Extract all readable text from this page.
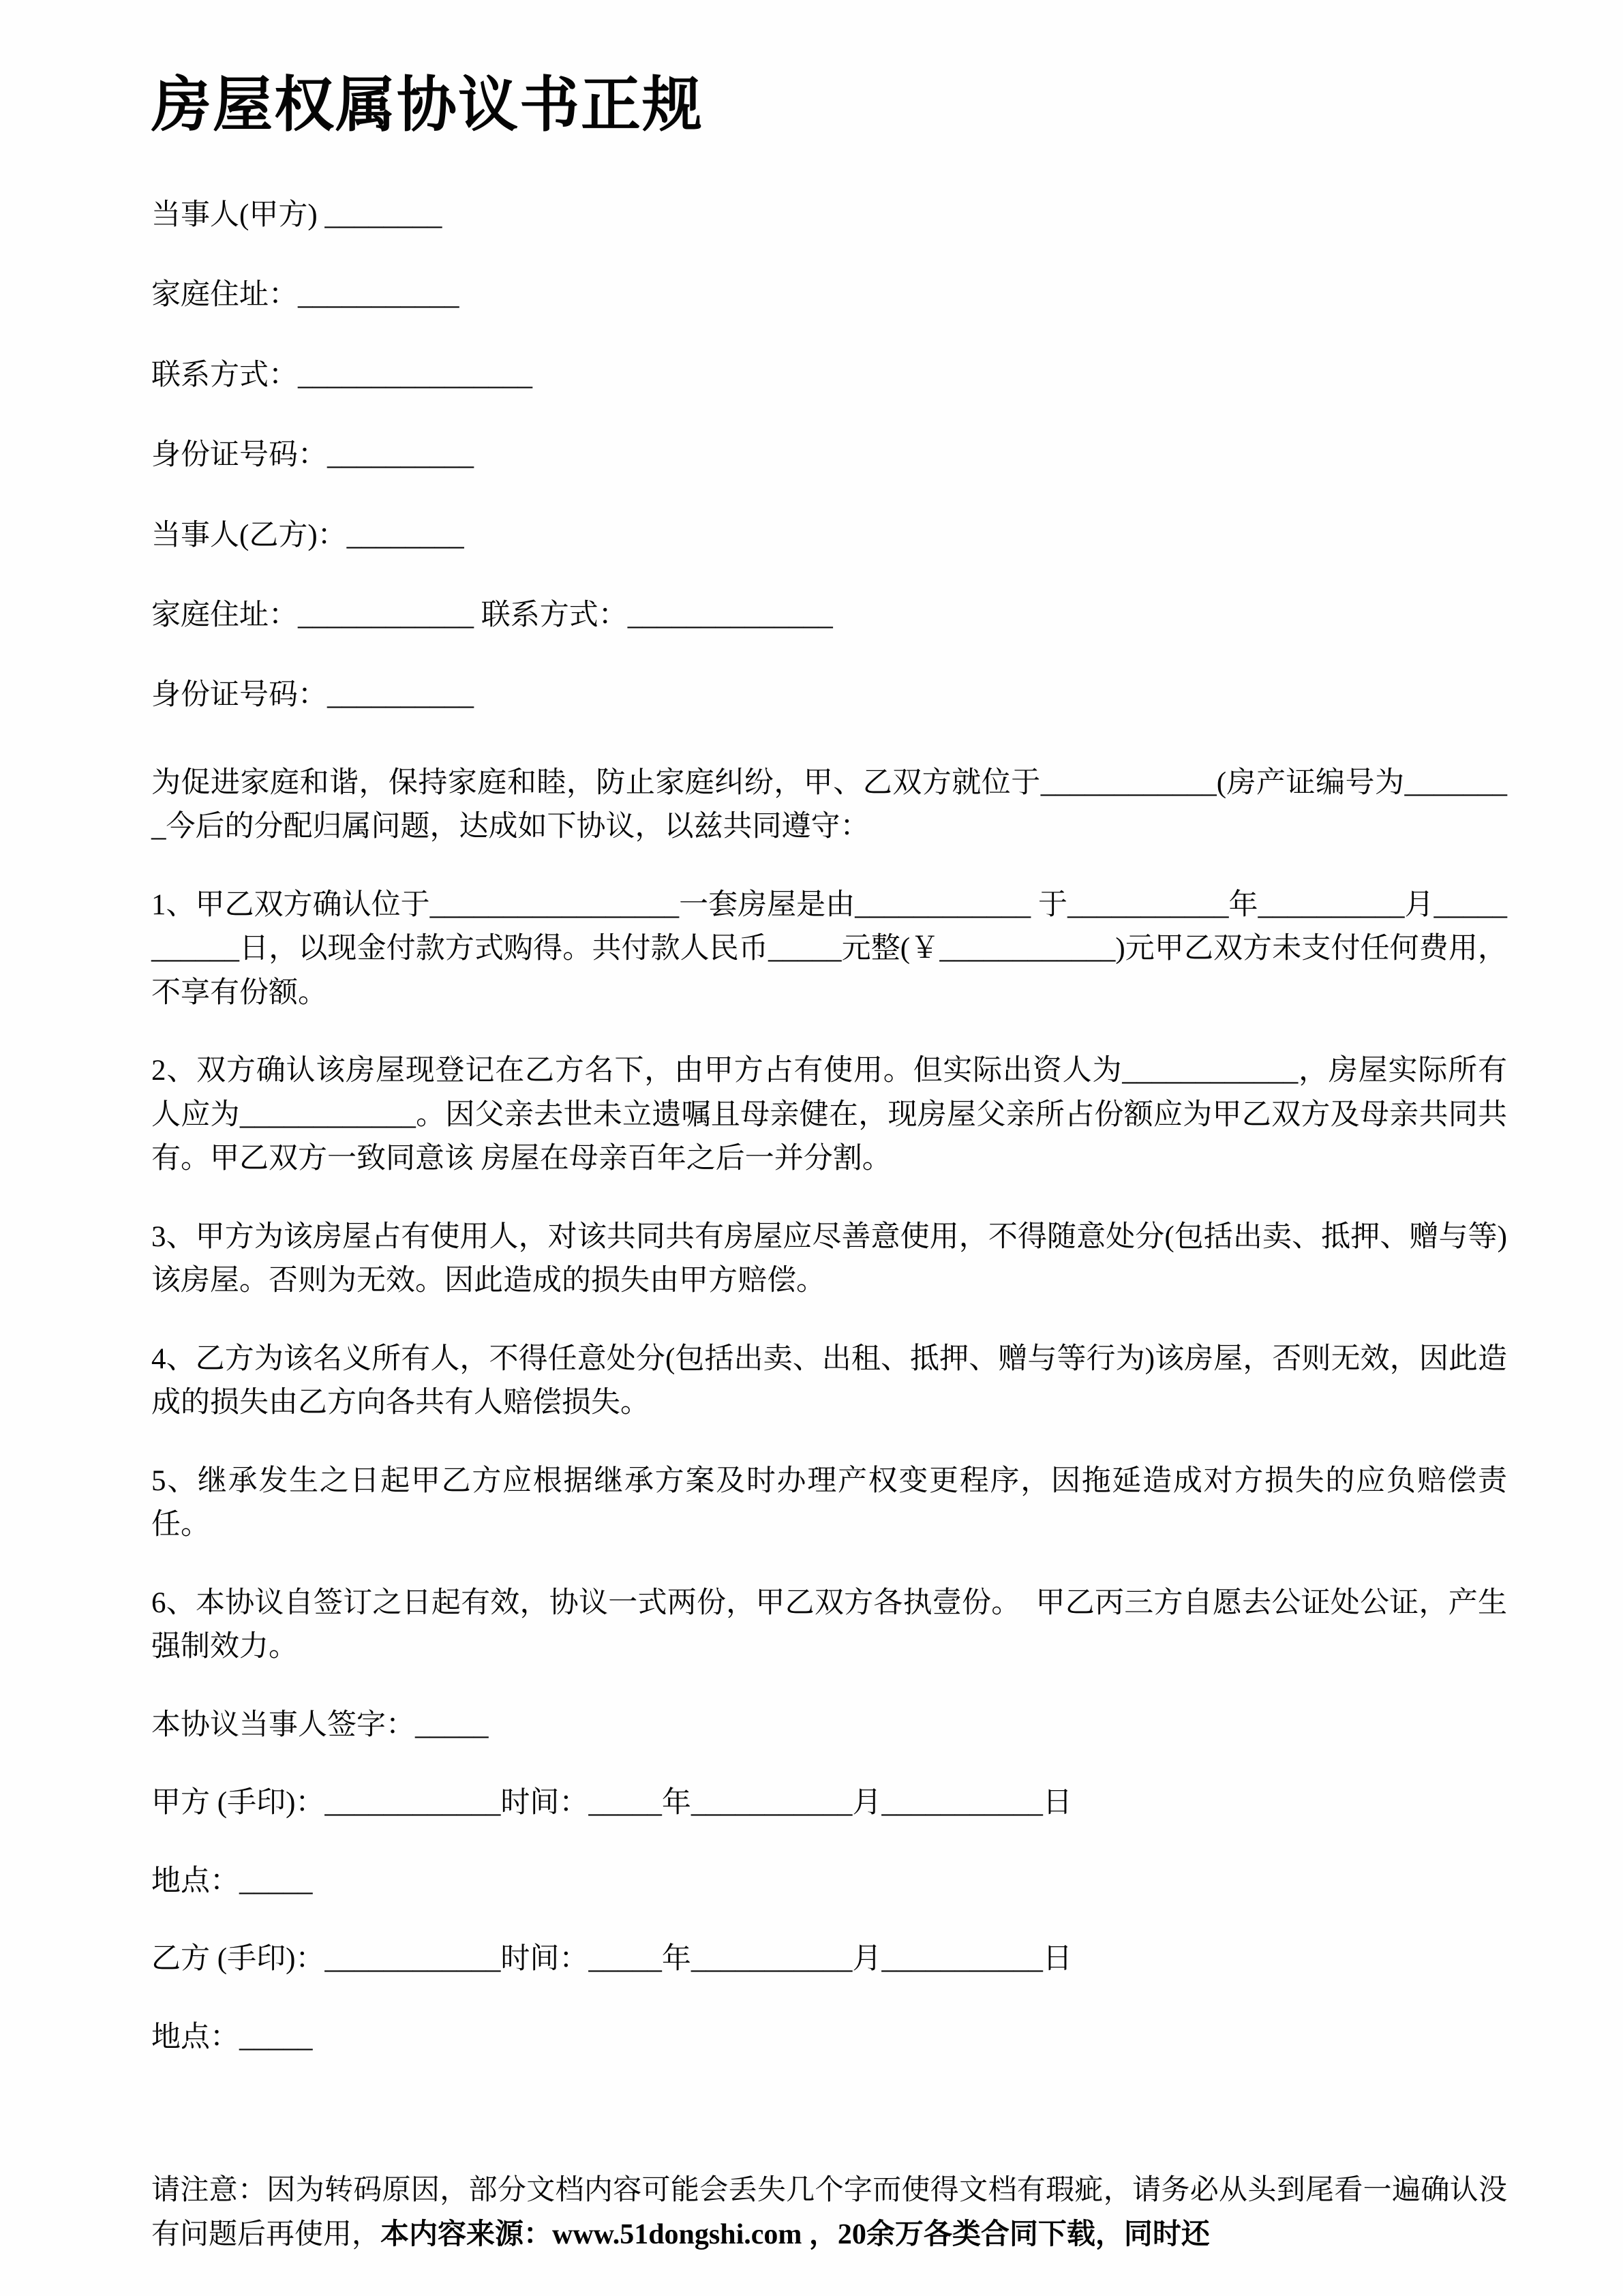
房屋权属协议书正规

当事人(甲方) ________

家庭住址：___________

联系方式：________________

身份证号码：__________

当事人(乙方)：________

家庭住址：____________ 联系方式：______________

身份证号码：__________

为促进家庭和谐，保持家庭和睦，防止家庭纠纷，甲、乙双方就位于____________(房产证编号为________今后的分配归属问题，达成如下协议，以兹共同遵守：

1、甲乙双方确认位于_________________一套房屋是由____________ 于___________年__________月___________日，以现金付款方式购得。共付款人民币_____元整(￥____________)元甲乙双方未支付任何费用，不享有份额。

2、双方确认该房屋现登记在乙方名下，由甲方占有使用。但实际出资人为____________，房屋实际所有人应为____________。因父亲去世未立遗嘱且母亲健在，现房屋父亲所占份额应为甲乙双方及母亲共同共有。甲乙双方一致同意该 房屋在母亲百年之后一并分割。

3、甲方为该房屋占有使用人，对该共同共有房屋应尽善意使用，不得随意处分(包括出卖、抵押、赠与等)该房屋。否则为无效。因此造成的损失由甲方赔偿。

4、乙方为该名义所有人，不得任意处分(包括出卖、出租、抵押、赠与等行为)该房屋，否则无效，因此造成的损失由乙方向各共有人赔偿损失。

5、继承发生之日起甲乙方应根据继承方案及时办理产权变更程序，因拖延造成对方损失的应负赔偿责任。

6、本协议自签订之日起有效，协议一式两份，甲乙双方各执壹份。  甲乙丙三方自愿去公证处公证，产生强制效力。

本协议当事人签字：_____

甲方 (手印)：____________时间：_____年___________月___________日

地点：_____

乙方 (手印)：____________时间：_____年___________月___________日

地点：_____

请注意：因为转码原因，部分文档内容可能会丢失几个字而使得文档有瑕疵，请务必从头到尾看一遍确认没有问题后再使用，本内容来源：www.51dongshi.com ，20余万各类合同下载，同时还
